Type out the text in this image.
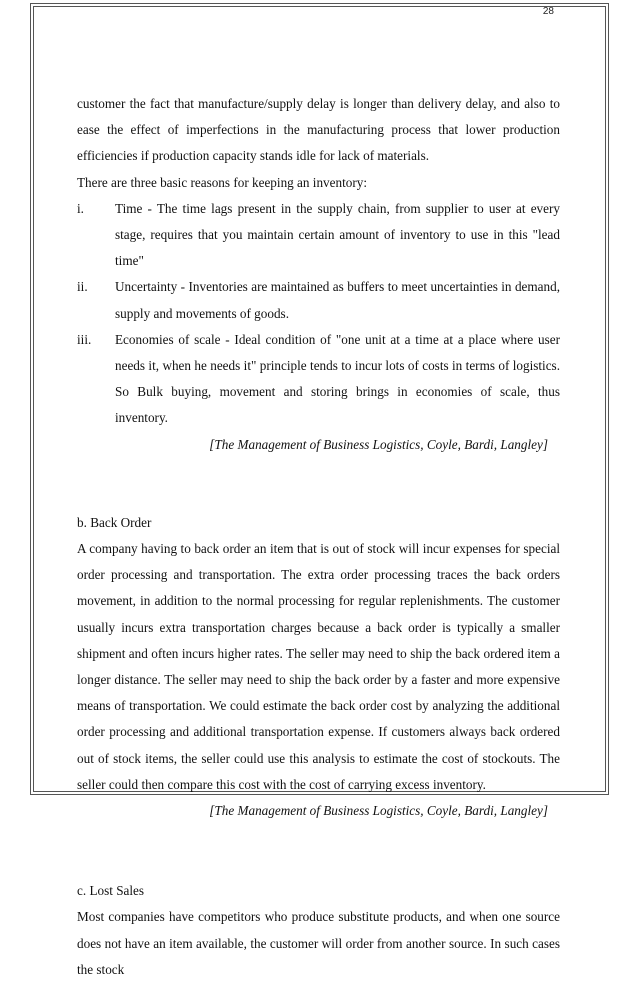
28

customer the fact that manufacture/supply delay is longer than delivery delay, and also to ease the effect of imperfections in the manufacturing process that lower production efficiencies if production capacity stands idle for lack of materials.

There are three basic reasons for keeping an inventory:

i. Time - The time lags present in the supply chain, from supplier to user at every stage, requires that you maintain certain amount of inventory to use in this "lead time"

ii. Uncertainty - Inventories are maintained as buffers to meet uncertainties in demand, supply and movements of goods.

iii. Economies of scale - Ideal condition of "one unit at a time at a place where user needs it, when he needs it" principle tends to incur lots of costs in terms of logistics. So Bulk buying, movement and storing brings in economies of scale, thus inventory.

[The Management of Business Logistics, Coyle, Bardi, Langley]

b. Back Order

A company having to back order an item that is out of stock will incur expenses for special order processing and transportation. The extra order processing traces the back orders movement, in addition to the normal processing for regular replenishments. The customer usually incurs extra transportation charges because a back order is typically a smaller shipment and often incurs higher rates. The seller may need to ship the back ordered item a longer distance. The seller may need to ship the back order by a faster and more expensive means of transportation. We could estimate the back order cost by analyzing the additional order processing and additional transportation expense. If customers always back ordered out of stock items, the seller could use this analysis to estimate the cost of stockouts. The seller could then compare this cost with the cost of carrying excess inventory.

[The Management of Business Logistics, Coyle, Bardi, Langley]

c. Lost Sales

Most companies have competitors who produce substitute products, and when one source does not have an item available, the customer will order from another source. In such cases the stock
